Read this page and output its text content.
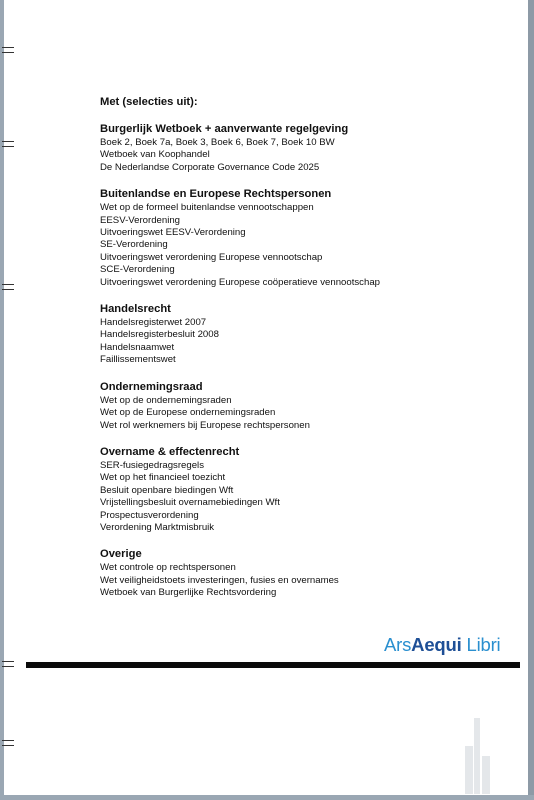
Met (selecties uit):

Burgerlijk Wetboek + aanverwante regelgeving
Boek 2, Boek 7a, Boek 3, Boek 6, Boek 7, Boek 10 BW
Wetboek van Koophandel
De Nederlandse Corporate Governance Code 2025
Buitenlandse en Europese Rechtspersonen
Wet op de formeel buitenlandse vennootschappen
EESV-Verordening
Uitvoeringswet EESV-Verordening
SE-Verordening
Uitvoeringswet verordening Europese vennootschap
SCE-Verordening
Uitvoeringswet verordening Europese coöperatieve vennootschap
Handelsrecht
Handelsregisterwet 2007
Handelsregisterbesluit 2008
Handelsnaamwet
Faillissementswet
Ondernemingsraad
Wet op de ondernemingsraden
Wet op de Europese ondernemingsraden
Wet rol werknemers bij Europese rechtspersonen
Overname & effectenrecht
SER-fusiegedragsregels
Wet op het financieel toezicht
Besluit openbare biedingen Wft
Vrijstellingsbesluit overnamebiedingen Wft
Prospectusverordening
Verordening Marktmisbruik
Overige
Wet controle op rechtspersonen
Wet veiligheidstoets investeringen, fusies en overnames
Wetboek van Burgerlijke Rechtsvordering
ArsAequi Libri
